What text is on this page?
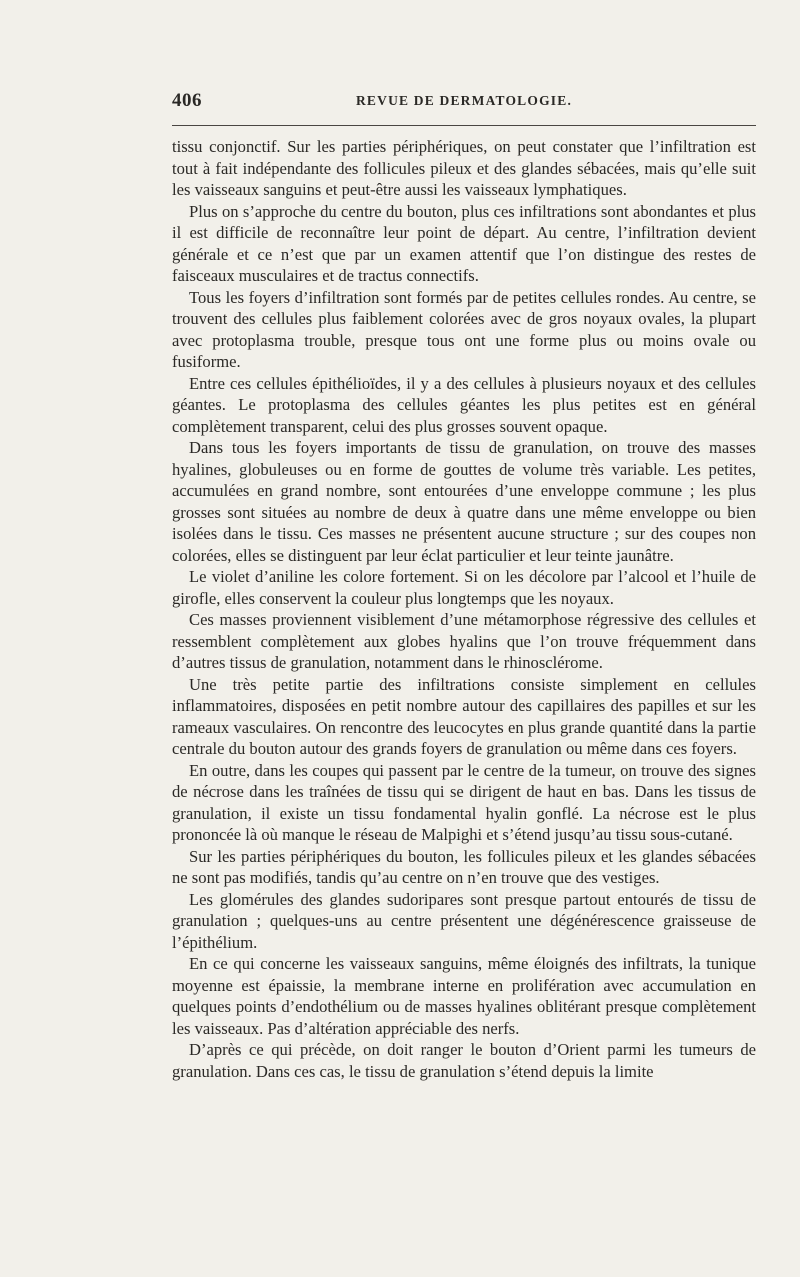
406	REVUE DE DERMATOLOGIE.

tissu conjonctif. Sur les parties périphériques, on peut constater que l’infiltration est tout à fait indépendante des follicules pileux et des glandes sébacées, mais qu’elle suit les vaisseaux sanguins et peut-être aussi les vaisseaux lymphatiques.

Plus on s’approche du centre du bouton, plus ces infiltrations sont abondantes et plus il est difficile de reconnaître leur point de départ. Au centre, l’infiltration devient générale et ce n’est que par un examen attentif que l’on distingue des restes de faisceaux musculaires et de tractus connectifs.

Tous les foyers d’infiltration sont formés par de petites cellules rondes. Au centre, se trouvent des cellules plus faiblement colorées avec de gros noyaux ovales, la plupart avec protoplasma trouble, presque tous ont une forme plus ou moins ovale ou fusiforme.

Entre ces cellules épithélioïdes, il y a des cellules à plusieurs noyaux et des cellules géantes. Le protoplasma des cellules géantes les plus petites est en général complètement transparent, celui des plus grosses souvent opaque.

Dans tous les foyers importants de tissu de granulation, on trouve des masses hyalines, globuleuses ou en forme de gouttes de volume très variable. Les petites, accumulées en grand nombre, sont entourées d’une enveloppe commune ; les plus grosses sont situées au nombre de deux à quatre dans une même enveloppe ou bien isolées dans le tissu. Ces masses ne présentent aucune structure ; sur des coupes non colorées, elles se distinguent par leur éclat particulier et leur teinte jaunâtre.

Le violet d’aniline les colore fortement. Si on les décolore par l’alcool et l’huile de girofle, elles conservent la couleur plus longtemps que les noyaux.

Ces masses proviennent visiblement d’une métamorphose régressive des cellules et ressemblent complètement aux globes hyalins que l’on trouve fréquemment dans d’autres tissus de granulation, notamment dans le rhinosclérome.

Une très petite partie des infiltrations consiste simplement en cellules inflammatoires, disposées en petit nombre autour des capillaires des papilles et sur les rameaux vasculaires. On rencontre des leucocytes en plus grande quantité dans la partie centrale du bouton autour des grands foyers de granulation ou même dans ces foyers.

En outre, dans les coupes qui passent par le centre de la tumeur, on trouve des signes de nécrose dans les traînées de tissu qui se dirigent de haut en bas. Dans les tissus de granulation, il existe un tissu fondamental hyalin gonflé. La nécrose est le plus prononcée là où manque le réseau de Malpighi et s’étend jusqu’au tissu sous-cutané.

Sur les parties périphériques du bouton, les follicules pileux et les glandes sébacées ne sont pas modifiés, tandis qu’au centre on n’en trouve que des vestiges.

Les glomérules des glandes sudoripares sont presque partout entourés de tissu de granulation ; quelques-uns au centre présentent une dégénérescence graisseuse de l’épithélium.

En ce qui concerne les vaisseaux sanguins, même éloignés des infiltrats, la tunique moyenne est épaissie, la membrane interne en prolifération avec accumulation en quelques points d’endothélium ou de masses hyalines oblitérant presque complètement les vaisseaux. Pas d’altération appréciable des nerfs.

D’après ce qui précède, on doit ranger le bouton d’Orient parmi les tumeurs de granulation. Dans ces cas, le tissu de granulation s’étend depuis la limite
